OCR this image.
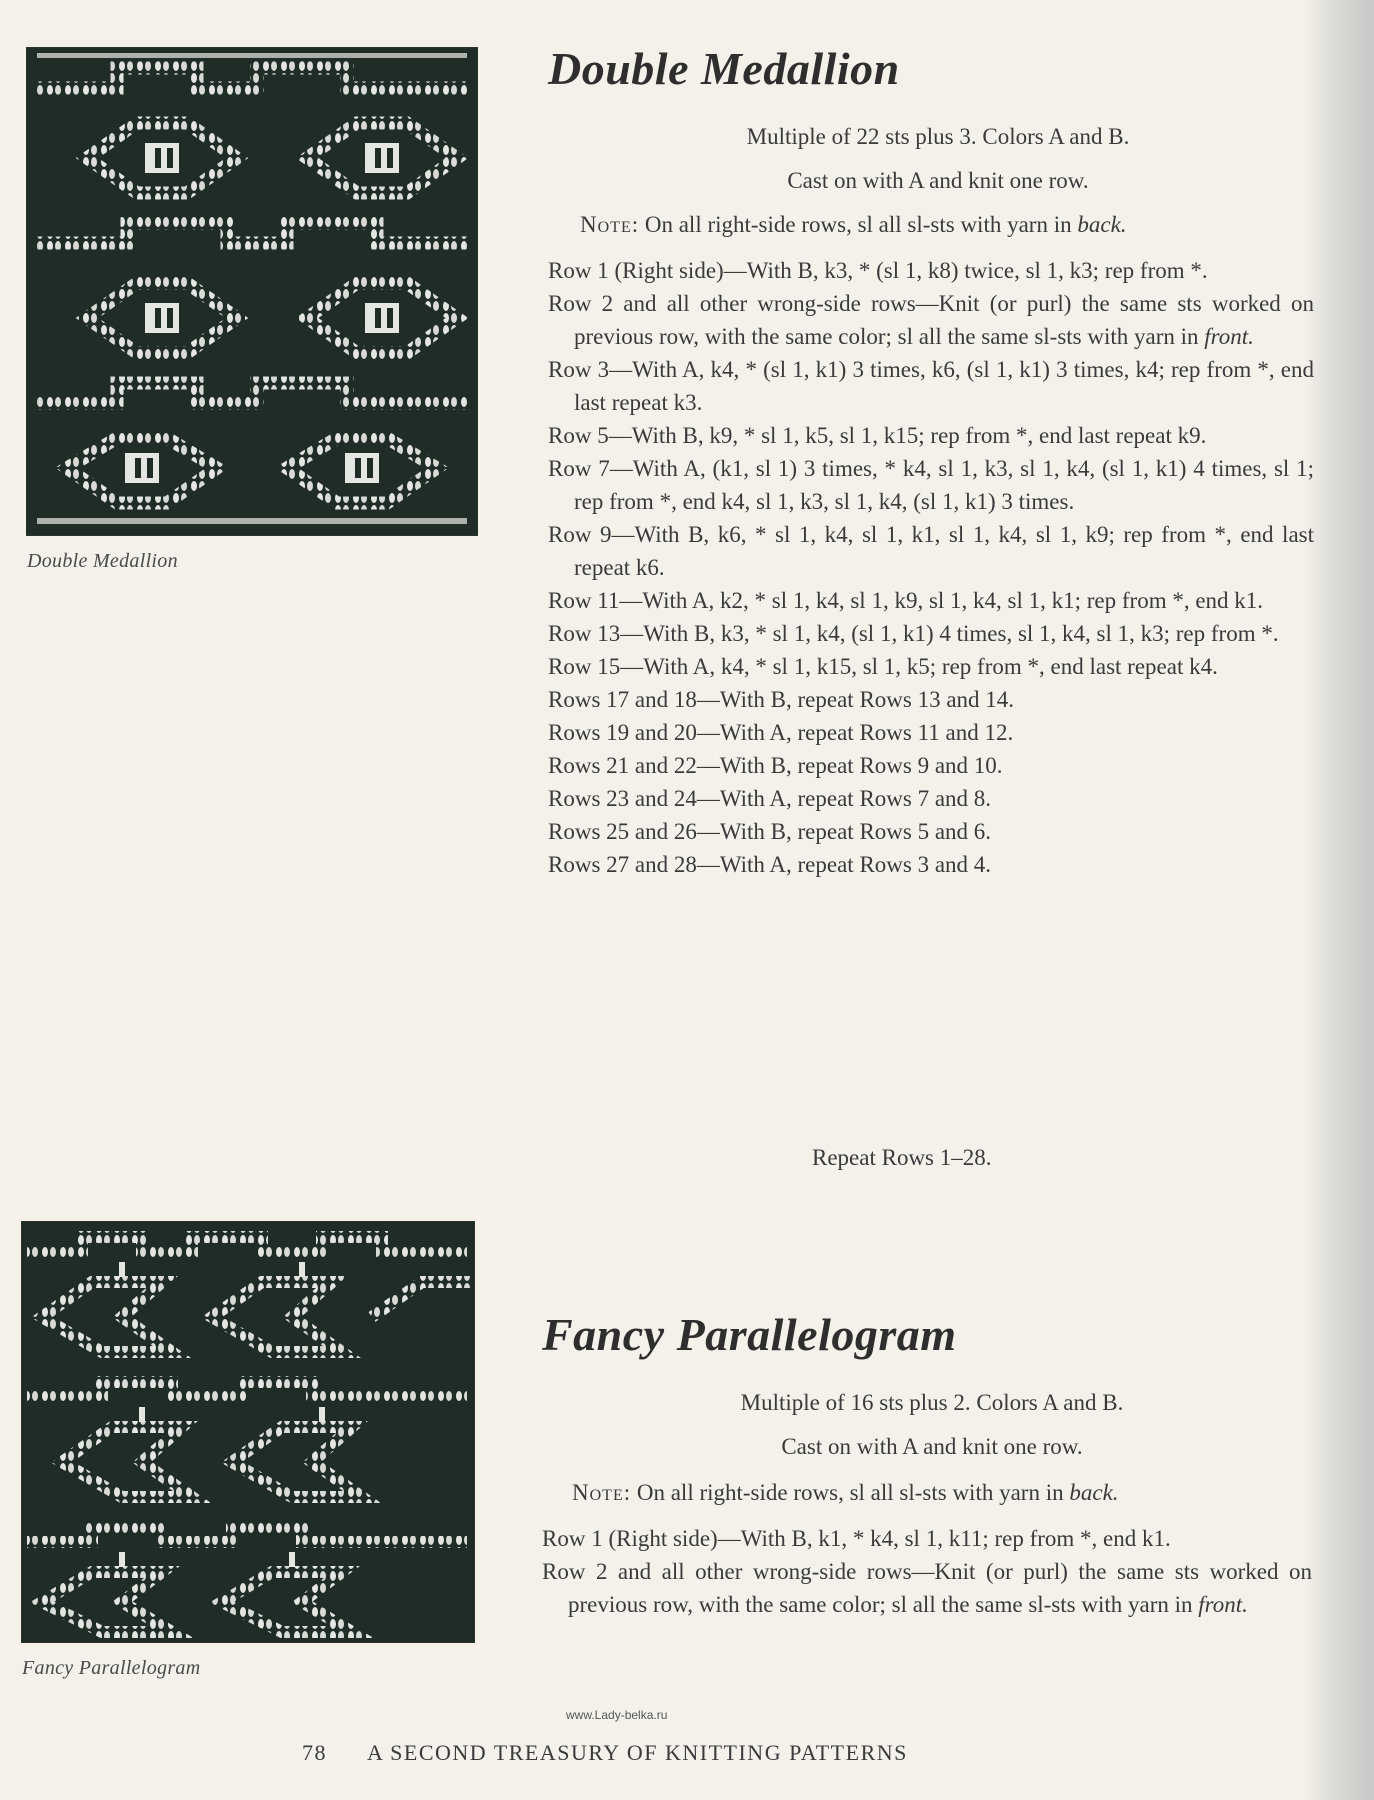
Double Medallion
Double Medallion

Multiple of 22 sts plus 3. Colors A and B.

Cast on with A and knit one row.

Note: On all right-side rows, sl all sl-sts with yarn in back.

Row 1 (Right side)—With B, k3, * (sl 1, k8) twice, sl 1, k3; rep from *.
Row 2 and all other wrong-side rows—Knit (or purl) the same sts worked on previous row, with the same color; sl all the same sl-sts with yarn in front.
Row 3—With A, k4, * (sl 1, k1) 3 times, k6, (sl 1, k1) 3 times, k4; rep from *, end last repeat k3.
Row 5—With B, k9, * sl 1, k5, sl 1, k15; rep from *, end last repeat k9.
Row 7—With A, (k1, sl 1) 3 times, * k4, sl 1, k3, sl 1, k4, (sl 1, k1) 4 times, sl 1; rep from *, end k4, sl 1, k3, sl 1, k4, (sl 1, k1) 3 times.
Row 9—With B, k6, * sl 1, k4, sl 1, k1, sl 1, k4, sl 1, k9; rep from *, end last repeat k6.
Row 11—With A, k2, * sl 1, k4, sl 1, k9, sl 1, k4, sl 1, k1; rep from *, end k1.
Row 13—With B, k3, * sl 1, k4, (sl 1, k1) 4 times, sl 1, k4, sl 1, k3; rep from *.
Row 15—With A, k4, * sl 1, k15, sl 1, k5; rep from *, end last repeat k4.
Rows 17 and 18—With B, repeat Rows 13 and 14.
Rows 19 and 20—With A, repeat Rows 11 and 12.
Rows 21 and 22—With B, repeat Rows 9 and 10.
Rows 23 and 24—With A, repeat Rows 7 and 8.
Rows 25 and 26—With B, repeat Rows 5 and 6.
Rows 27 and 28—With A, repeat Rows 3 and 4.

Repeat Rows 1–28.

Fancy Parallelogram
Fancy Parallelogram

Multiple of 16 sts plus 2. Colors A and B.

Cast on with A and knit one row.

Note: On all right-side rows, sl all sl-sts with yarn in back.

Row 1 (Right side)—With B, k1, * k4, sl 1, k11; rep from *, end k1.
Row 2 and all other wrong-side rows—Knit (or purl) the same sts worked on previous row, with the same color; sl all the same sl-sts with yarn in front.
www.Lady-belka.ru
78 A SECOND TREASURY OF KNITTING PATTERNS
